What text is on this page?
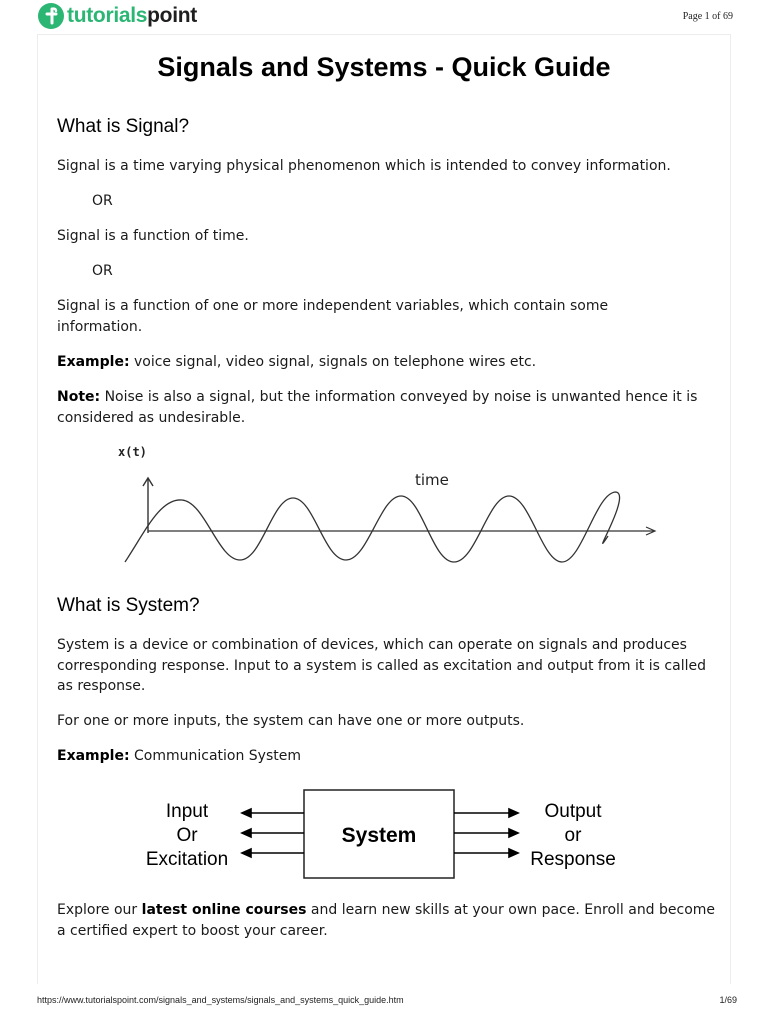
tutorialspoint	Page 1 of 69
Signals and Systems - Quick Guide
What is Signal?
Signal is a time varying physical phenomenon which is intended to convey information.
OR
Signal is a function of time.
OR
Signal is a function of one or more independent variables, which contain some information.
Example: voice signal, video signal, signals on telephone wires etc.
Note: Noise is also a signal, but the information conveyed by noise is unwanted hence it is considered as undesirable.
x(t)
time
What is System?
System is a device or combination of devices, which can operate on signals and produces corresponding response. Input to a system is called as excitation and output from it is called as response.
For one or more inputs, the system can have one or more outputs.
Example: Communication System
Input
Or
Excitation
Output
or
Response
System
Explore our latest online courses and learn new skills at your own pace. Enroll and become a certified expert to boost your career.
https://www.tutorialspoint.com/signals_and_systems/signals_and_systems_quick_guide.htm	1/69
